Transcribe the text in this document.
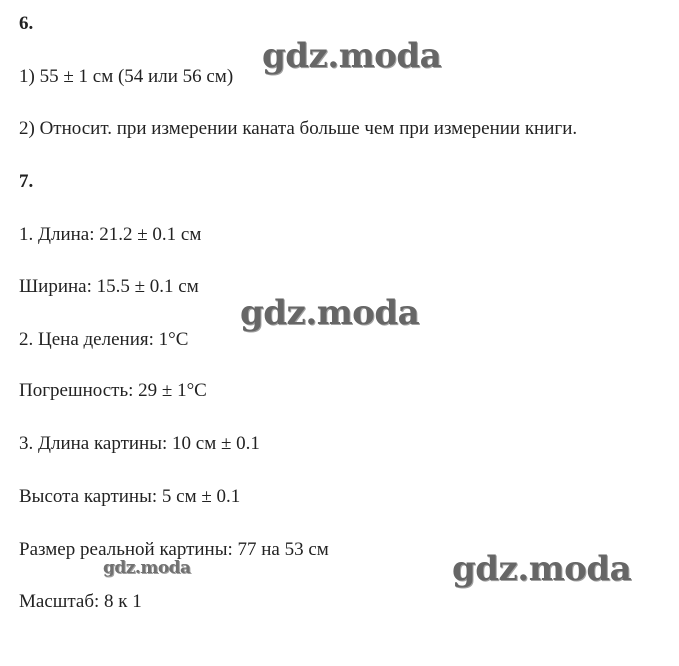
6.
1) 55 ± 1 см (54 или 56 см)
2) Относит. при измерении каната больше чем при измерении книги.
7.
1. Длина: 21.2 ± 0.1 см
Ширина: 15.5 ± 0.1 см
2. Цена деления: 1°С
Погрешность: 29 ± 1°С
3. Длина картины: 10 см ± 0.1
Высота картины: 5 см ± 0.1
Размер реальной картины: 77 на 53 см
Масштаб: 8 к 1
gdz.moda
gdz.moda
gdz.moda
gdz.moda
